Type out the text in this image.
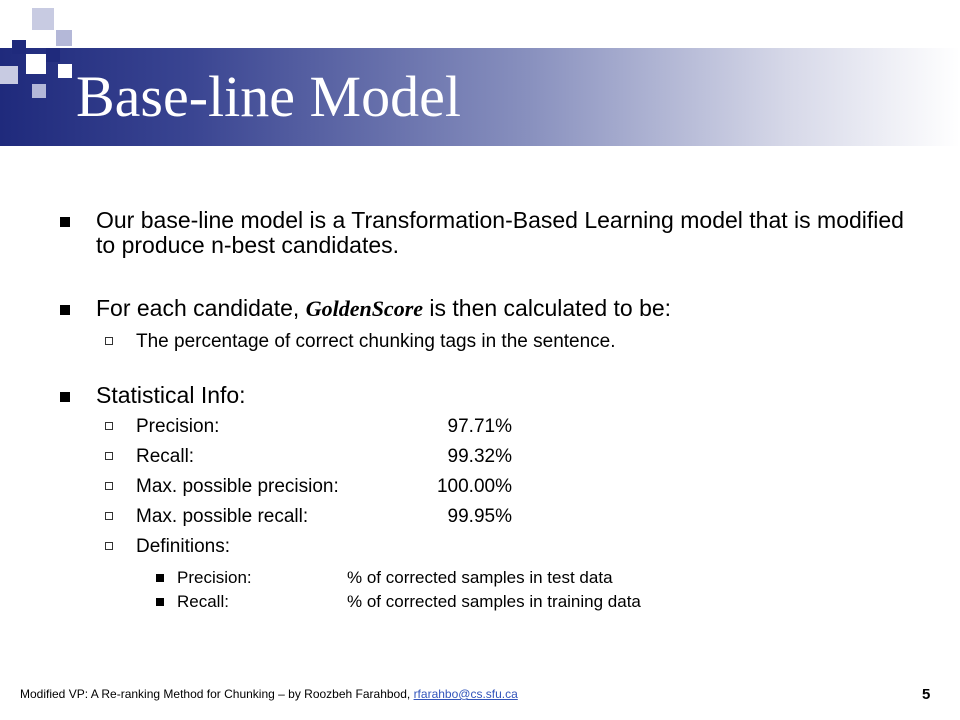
Base-line Model
Our base-line model is a Transformation-Based Learning model that is modified to produce n-best candidates.
For each candidate, GoldenScore is then calculated to be:
The percentage of correct chunking tags in the sentence.
Statistical Info:
Precision:	97.71%
Recall:	99.32%
Max. possible precision:	100.00%
Max. possible recall:	99.95%
Definitions:
Precision:	% of corrected samples in test data
Recall:	% of corrected samples in training data
Modified VP: A Re-ranking Method for Chunking – by Roozbeh Farahbod, rfarahbo@cs.sfu.ca	5
